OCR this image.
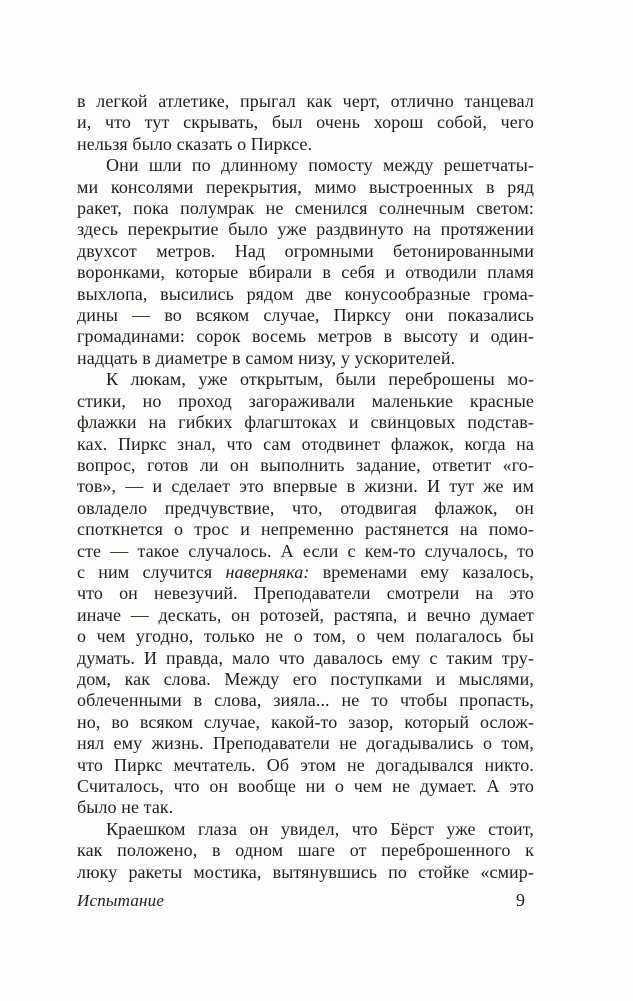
в легкой атлетике, прыгал как черт, отлично танцевал
и, что тут скрывать, был очень хорош собой, чего
нельзя было сказать о Пирксе.
Они шли по длинному помосту между решетчаты-
ми консолями перекрытия, мимо выстроенных в ряд
ракет, пока полумрак не сменился солнечным светом:
здесь перекрытие было уже раздвинуто на протяжении
двухсот метров. Над огромными бетонированными
воронками, которые вбирали в себя и отводили пламя
выхлопа, высились рядом две конусообразные грома-
дины — во всяком случае, Пирксу они показались
громадинами: сорок восемь метров в высоту и один-
надцать в диаметре в самом низу, у ускорителей.
К люкам, уже открытым, были переброшены мо-
стики, но проход загораживали маленькие красные
флажки на гибких флагштоках и свинцовых подстав-
ках. Пиркс знал, что сам отодвинет флажок, когда на
вопрос, готов ли он выполнить задание, ответит «го-
тов», — и сделает это впервые в жизни. И тут же им
овладело предчувствие, что, отодвигая флажок, он
споткнется о трос и непременно растянется на помо-
сте — такое случалось. А если с кем-то случалось, то
с ним случится наверняка: временами ему казалось,
что он невезучий. Преподаватели смотрели на это
иначе — дескать, он ротозей, растяпа, и вечно думает
о чем угодно, только не о том, о чем полагалось бы
думать. И правда, мало что давалось ему с таким тру-
дом, как слова. Между его поступками и мыслями,
облеченными в слова, зияла... не то чтобы пропасть,
но, во всяком случае, какой-то зазор, который ослож-
нял ему жизнь. Преподаватели не догадывались о том,
что Пиркс мечтатель. Об этом не догадывался никто.
Считалось, что он вообще ни о чем не думает. А это
было не так.
Краешком глаза он увидел, что Бёрст уже стоит,
как положено, в одном шаге от переброшенного к
люку ракеты мостика, вытянувшись по стойке «смир-
Испытание	9
